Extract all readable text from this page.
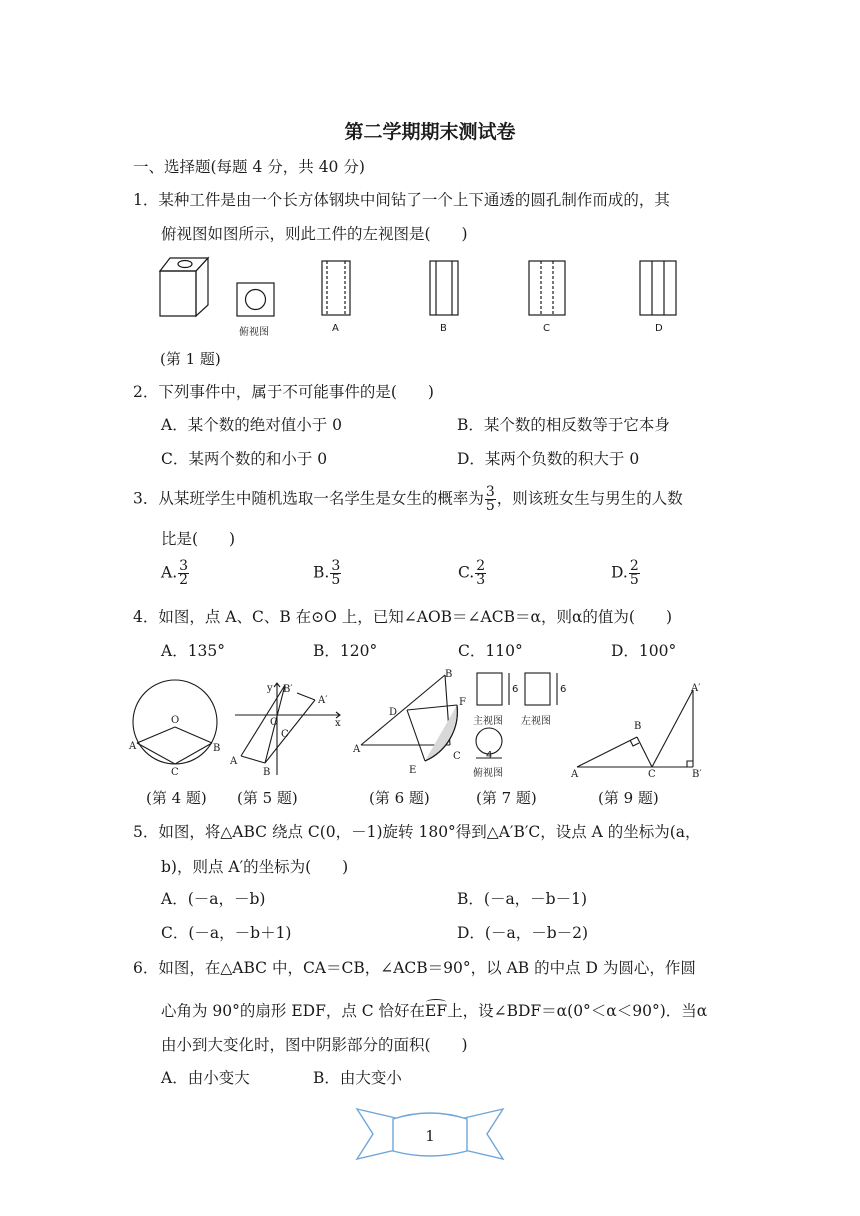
第二学期期末测试卷
一、选择题(每题 4 分，共 40 分)
1．某种工件是由一个长方体钢块中间钻了一个上下通透的圆孔制作而成的，其
俯视图如图所示，则此工件的左视图是(　　)
俯视图	A	B	C	D
(第 1 题)
2．下列事件中，属于不可能事件的是(　　)
A．某个数的绝对值小于 0	B．某个数的相反数等于它本身
C．某两个数的和小于 0	D．某两个负数的积大于 0
3．从某班学生中随机选取一名学生是女生的概率为 $\frac{3}{5}$ ，则该班女生与男生的人数
比是(　　)
A. $\frac{3}{2}$	B. $\frac{3}{5}$	C. $\frac{2}{3}$	D. $\frac{2}{5}$
4．如图，点 A、C、B 在⊙O 上，已知∠AOB＝∠ACB＝α，则α的值为(　　)
A．135°	B．120°	C．110°	D．100°
O
A	B
C
y
x
O
B′
A′
C
A
B
B
D
F
A
C
E
B
A′
A	C	B′
主视图 左视图
俯视图
6	6
4
(第 4 题) (第 5 题)	(第 6 题)	(第 7 题)	(第 9 题)
5．如图，将△ABC 绕点 C(0，－1)旋转 180°得到△A′B′C，设点 A 的坐标为(a，
b)，则点 A′的坐标为(　　)
A．(－a，－b)	B．(－a，－b－1)
C．(－a，－b＋1)	D．(－a，－b－2)
6．如图，在△ABC 中，CA＝CB，∠ACB＝90°，以 AB 的中点 D 为圆心，作圆
心角为 90°的扇形 EDF，点 C 恰好在EF上，设∠BDF＝α(0°＜α＜90°)．当α
由小到大变化时，图中阴影部分的面积(　　)
A．由小变大	B．由大变小
1
